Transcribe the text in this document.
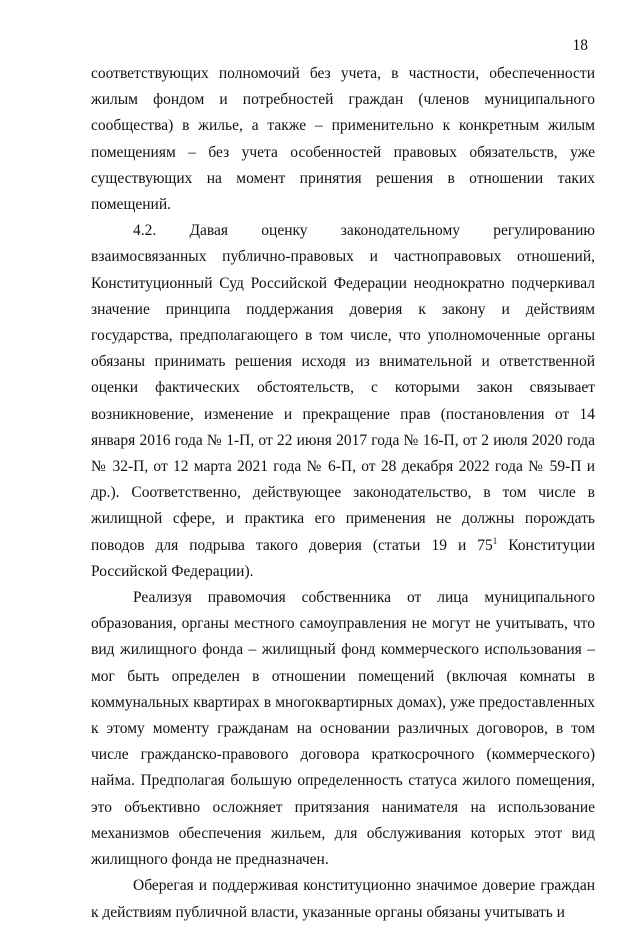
18

соответствующих полномочий без учета, в частности, обеспеченности жилым фондом и потребностей граждан (членов муниципального сообщества) в жилье, а также – применительно к конкретным жилым помещениям – без учета особенностей правовых обязательств, уже существующих на момент принятия решения в отношении таких помещений.

4.2. Давая оценку законодательному регулированию взаимосвязанных публично-правовых и частноправовых отношений, Конституционный Суд Российской Федерации неоднократно подчеркивал значение принципа поддержания доверия к закону и действиям государства, предполагающего в том числе, что уполномоченные органы обязаны принимать решения исходя из внимательной и ответственной оценки фактических обстоятельств, с которыми закон связывает возникновение, изменение и прекращение прав (постановления от 14 января 2016 года № 1-П, от 22 июня 2017 года № 16-П, от 2 июля 2020 года № 32-П, от 12 марта 2021 года № 6-П, от 28 декабря 2022 года № 59-П и др.). Соответственно, действующее законодательство, в том числе в жилищной сфере, и практика его применения не должны порождать поводов для подрыва такого доверия (статьи 19 и $75^1$ Конституции Российской Федерации).

Реализуя правомочия собственника от лица муниципального образования, органы местного самоуправления не могут не учитывать, что вид жилищного фонда – жилищный фонд коммерческого использования – мог быть определен в отношении помещений (включая комнаты в коммунальных квартирах в многоквартирных домах), уже предоставленных к этому моменту гражданам на основании различных договоров, в том числе гражданско-правового договора краткосрочного (коммерческого) найма. Предполагая большую определенность статуса жилого помещения, это объективно осложняет притязания нанимателя на использование механизмов обеспечения жильем, для обслуживания которых этот вид жилищного фонда не предназначен.

Оберегая и поддерживая конституционно значимое доверие граждан к действиям публичной власти, указанные органы обязаны учитывать и
